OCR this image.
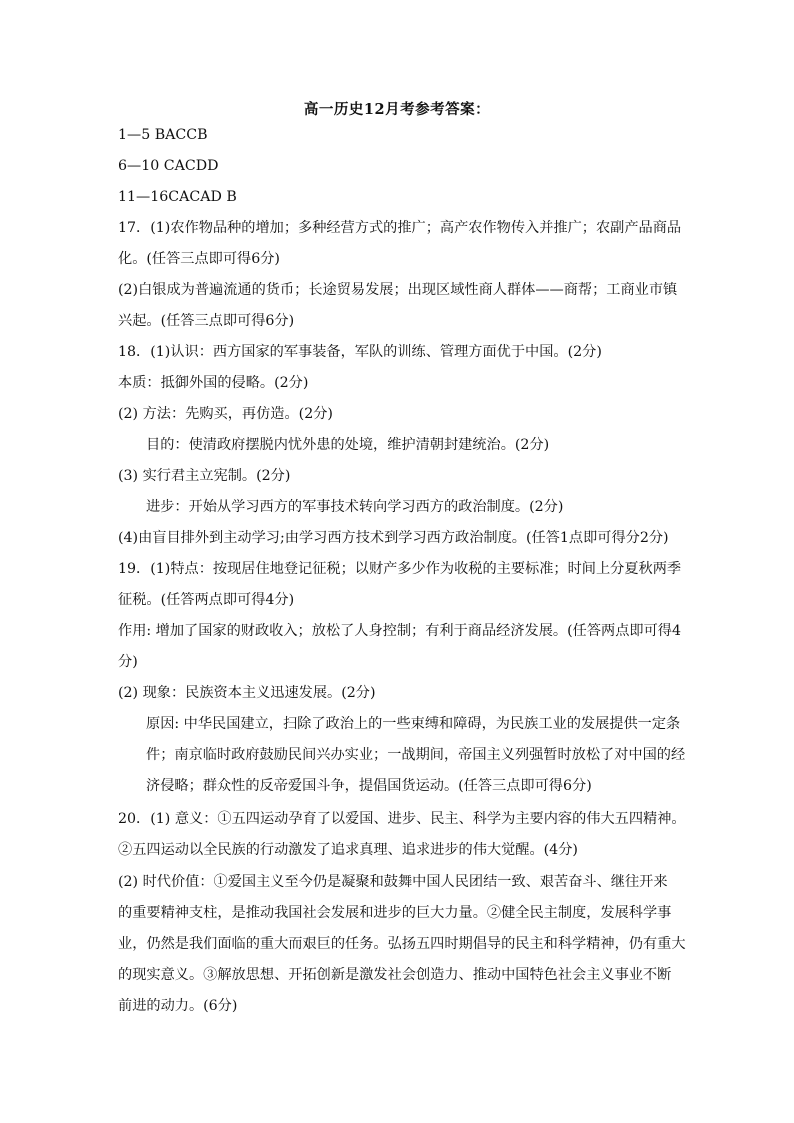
高一历史12月考参考答案：
1—5 BACCB
6—10 CACDD
11—16CACAD B
17．(1)农作物品种的增加；多种经营方式的推广；高产农作物传入并推广；农副产品商品
化。(任答三点即可得6分)
(2)白银成为普遍流通的货币；长途贸易发展；出现区域性商人群体——商帮；工商业市镇
兴起。(任答三点即可得6分)
18．(1)认识：西方国家的军事装备，军队的训练、管理方面优于中国。(2分)
本质：抵御外国的侵略。(2分)
(2) 方法：先购买，再仿造。(2分)
目的：使清政府摆脱内忧外患的处境，维护清朝封建统治。(2分)
(3) 实行君主立宪制。(2分)
进步：开始从学习西方的军事技术转向学习西方的政治制度。(2分)
(4)由盲目排外到主动学习;由学习西方技术到学习西方政治制度。(任答1点即可得分2分)
19．(1)特点：按现居住地登记征税；以财产多少作为收税的主要标准；时间上分夏秋两季
征税。(任答两点即可得4分)
作用: 增加了国家的财政收入；放松了人身控制；有利于商品经济发展。(任答两点即可得4
分)
(2) 现象：民族资本主义迅速发展。(2分)
原因: 中华民国建立，扫除了政治上的一些束缚和障碍，为民族工业的发展提供一定条
件；南京临时政府鼓励民间兴办实业；一战期间，帝国主义列强暂时放松了对中国的经
济侵略；群众性的反帝爱国斗争，提倡国货运动。(任答三点即可得6分)
20．(1) 意义：①五四运动孕育了以爱国、进步、民主、科学为主要内容的伟大五四精神。
②五四运动以全民族的行动激发了追求真理、追求进步的伟大觉醒。(4分)
(2) 时代价值：①爱国主义至今仍是凝聚和鼓舞中国人民团结一致、艰苦奋斗、继往开来
的重要精神支柱，是推动我国社会发展和进步的巨大力量。②健全民主制度，发展科学事
业，仍然是我们面临的重大而艰巨的任务。弘扬五四时期倡导的民主和科学精神，仍有重大
的现实意义。③解放思想、开拓创新是激发社会创造力、推动中国特色社会主义事业不断
前进的动力。(6分)
